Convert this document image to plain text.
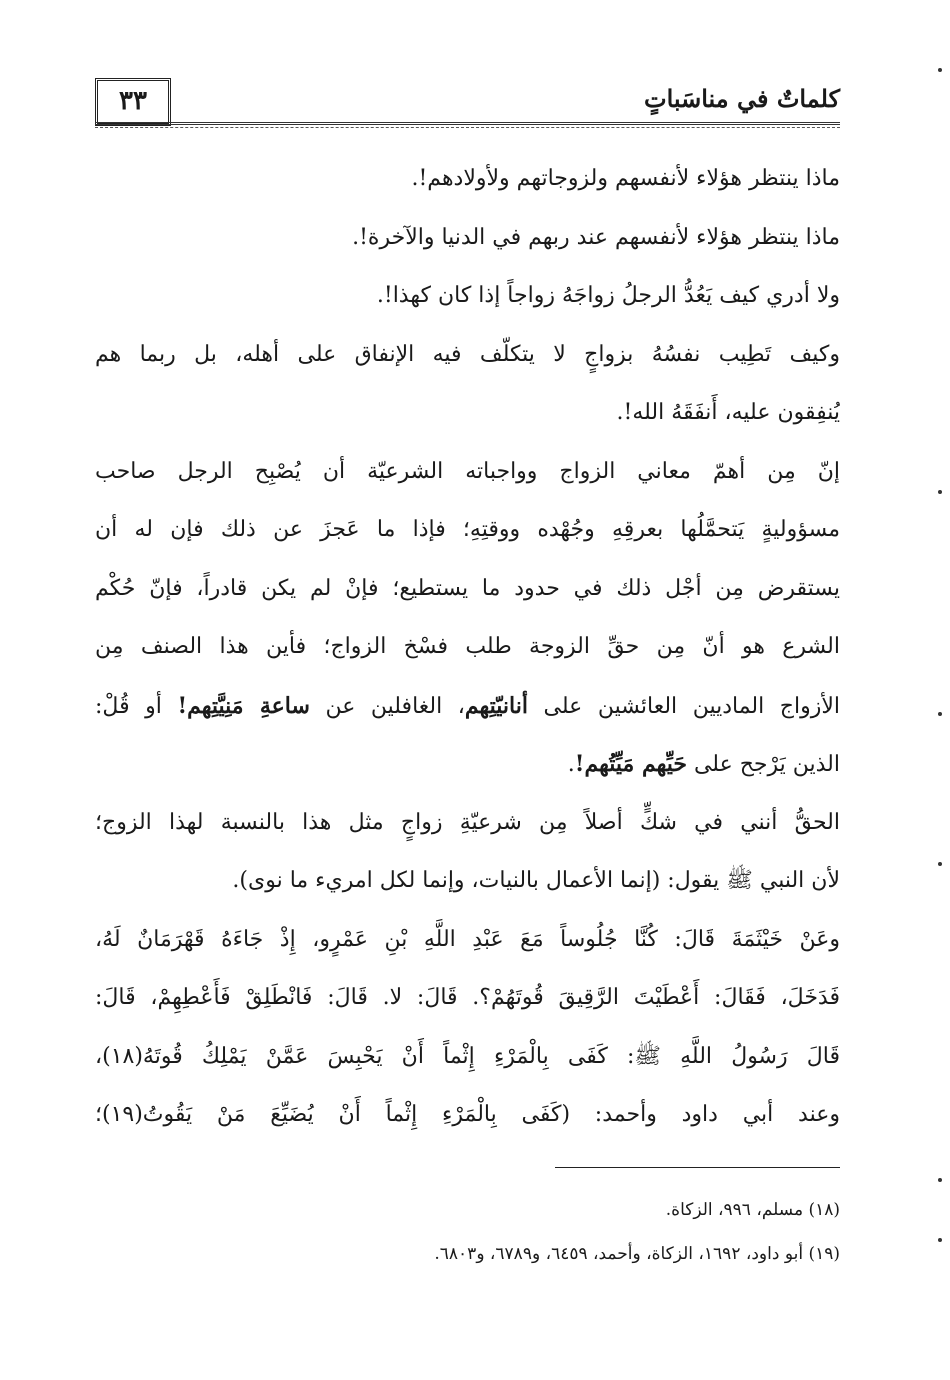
٣٣	كلماتٌ في مناسَباتٍ
ماذا ينتظر هؤلاء لأنفسهم ولزوجاتهم ولأولادهم!.
ماذا ينتظر هؤلاء لأنفسهم عند ربهم في الدنيا والآخرة!.
ولا أدري كيف يَعُدُّ الرجلُ زواجَهُ زواجاً إذا كان كهذا!.
وكيف تَطِيب نفسُهُ بزواجٍ لا يتكلّف فيه الإنفاق على أهله، بل ربما هم
يُنفِقون عليه، أَنفَقَهُ الله!.
إنّ مِن أهمّ معاني الزواج وواجباته الشرعيّة أن يُصْبِح الرجل صاحب
مسؤوليةٍ يَتحمَّلُها بعرقِهِ وجُهْده ووقتِهِ؛ فإذا ما عَجزَ عن ذلك فإن له أن
يستقرض مِن أجْل ذلك في حدود ما يستطيع؛ فإنْ لم يكن قادراً، فإنّ حُكْم
الشرع هو أنّ مِن حقِّ الزوجة طلب فسْخ الزواج؛ فأين هذا الصنف مِن
الأزواج الماديين العائشين على أنانيّتِهم، الغافلين عن ساعةِ مَنِيَّتِهم! أو قُلْ:
الذين يَرْجح على حَيِّهم مَيِّتُهم!.
الحقُّ أنني في شكٍّ أصلاً مِن شرعيّةِ زواجٍ مثل هذا بالنسبة لهذا الزوج؛
لأن النبي ﷺ يقول: (إنما الأعمال بالنيات، وإنما لكل امريء ما نوى).
وعَنْ خَيْثَمَةَ قَالَ: كُنَّا جُلُوساً مَعَ عَبْدِ اللَّهِ بْنِ عَمْرٍو، إِذْ جَاءَهُ قَهْرَمَانٌ لَهُ،
فَدَخَلَ، فَقَالَ: أَعْطَيْتَ الرَّقِيقَ قُوتَهُمْ؟. قَالَ: لا. قَالَ: فَانْطَلِقْ فَأَعْطِهِمْ، قَالَ:
قَالَ رَسُولُ اللَّهِ ﷺ: كَفَى بِالْمَرْءِ إِثْماً أَنْ يَحْبِسَ عَمَّنْ يَمْلِكُ قُوتَهُ(١٨)،
وعند أبي داود وأحمد: (كَفَى بِالْمَرْءِ إِثْماً أَنْ يُضَيِّعَ مَنْ يَقُوتُ(١٩)؛
(١٨) مسلم، ٩٩٦، الزكاة.
(١٩) أبو داود، ١٦٩٢، الزكاة، وأحمد، ٦٤٥٩، و٦٧٨٩، و٦٨٠٣.
